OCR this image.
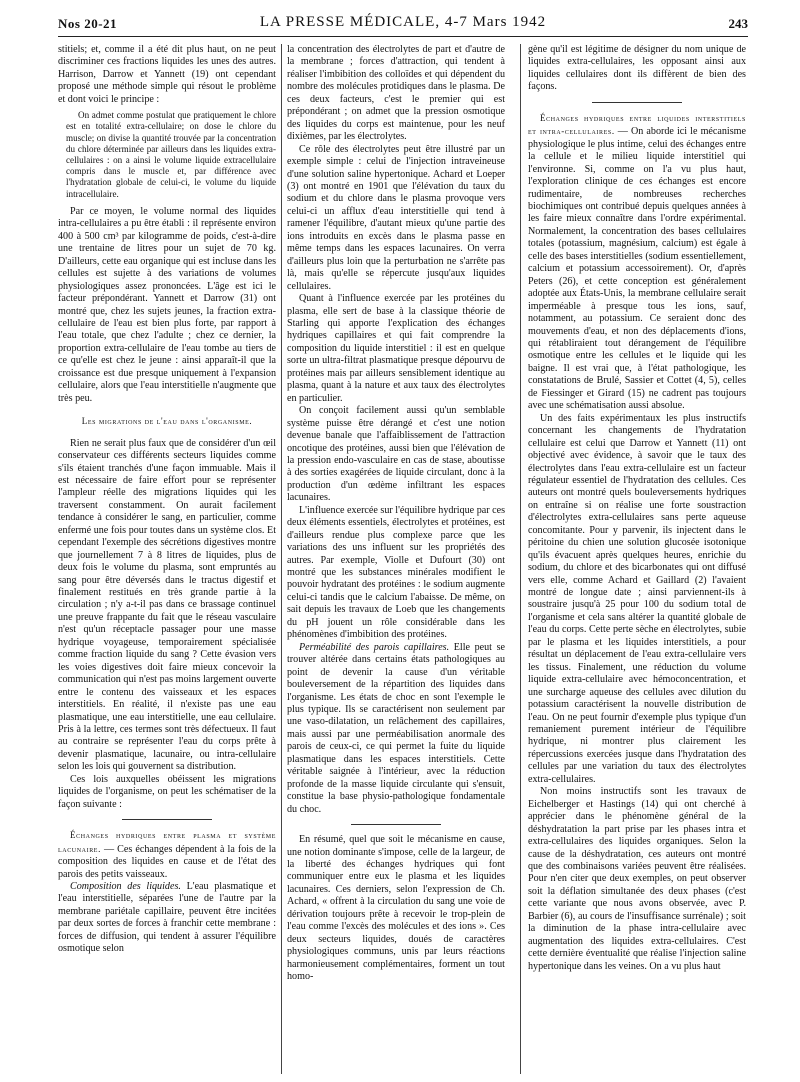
Nos 20-21	LA PRESSE MÉDICALE, 4-7 Mars 1942	243

stitiels; et, comme il a été dit plus haut, on ne peut discriminer ces fractions liquides les unes des autres. Harrison, Darrow et Yannett (19) ont cependant proposé une méthode simple qui résout le problème et dont voici le principe :

On admet comme postulat que pratiquement le chlore est en totalité extra-cellulaire; on dose le chlore du muscle; on divise la quantité trouvée par la concentration du chlore déterminée par ailleurs dans les liquides extra-cellulaires : on a ainsi le volume liquide extracellulaire compris dans le muscle et, par différence avec l'hydratation globale de celui-ci, le volume du liquide intracellulaire.

Par ce moyen, le volume normal des liquides intra-cellulaires a pu être établi : il représente environ 400 à 500 cm³ par kilogramme de poids, c'est-à-dire une trentaine de litres pour un sujet de 70 kg. D'ailleurs, cette eau organique qui est incluse dans les cellules est sujette à des variations de volumes physiologiques assez prononcées. L'âge est ici le facteur prépondérant. Yannett et Darrow (31) ont montré que, chez les sujets jeunes, la fraction extra-cellulaire de l'eau est bien plus forte, par rapport à l'eau totale, que chez l'adulte ; chez ce dernier, la proportion extra-cellulaire de l'eau tombe au tiers de ce qu'elle est chez le jeune : ainsi apparaît-il que la croissance est due presque uniquement à l'expansion cellulaire, alors que l'eau interstitielle n'augmente que très peu.

Les migrations de l'eau dans l'organisme.

Rien ne serait plus faux que de considérer d'un œil conservateur ces différents secteurs liquides comme s'ils étaient tranchés d'une façon immuable. Mais il est nécessaire de faire effort pour se représenter l'ampleur réelle des migrations liquides qui les traversent constamment. On aurait facilement tendance à considérer le sang, en particulier, comme enfermé une fois pour toutes dans un système clos. Et cependant l'exemple des sécrétions digestives montre que journellement 7 à 8 litres de liquides, plus de deux fois le volume du plasma, sont empruntés au sang pour être déversés dans le tractus digestif et finalement restitués en très grande partie à la circulation ; n'y a-t-il pas dans ce brassage continuel une preuve frappante du fait que le réseau vasculaire n'est qu'un réceptacle passager pour une masse hydrique voyageuse, temporairement spécialisée comme fraction liquide du sang ? Cette évasion vers les voies digestives doit faire mieux concevoir la communication qui n'est pas moins largement ouverte entre le contenu des vaisseaux et les espaces interstitiels. En réalité, il n'existe pas une eau plasmatique, une eau interstitielle, une eau cellulaire. Pris à la lettre, ces termes sont très défectueux. Il faut au contraire se représenter l'eau du corps prête à devenir plasmatique, lacunaire, ou intra-cellulaire selon les lois qui gouvernent sa distribution.

Ces lois auxquelles obéissent les migrations liquides de l'organisme, on peut les schématiser de la façon suivante :

Échanges hydriques entre plasma et système lacunaire. — Ces échanges dépendent à la fois de la composition des liquides en cause et de l'état des parois des petits vaisseaux.

Composition des liquides. L'eau plasmatique et l'eau interstitielle, séparées l'une de l'autre par la membrane pariétale capillaire, peuvent être incitées par deux sortes de forces à franchir cette membrane : forces de diffusion, qui tendent à assurer l'équilibre osmotique selon

la concentration des électrolytes de part et d'autre de la membrane ; forces d'attraction, qui tendent à réaliser l'imbibition des colloïdes et qui dépendent du nombre des molécules protidiques dans le plasma. De ces deux facteurs, c'est le premier qui est prépondérant ; on admet que la pression osmotique des liquides du corps est maintenue, pour les neuf dixièmes, par les électrolytes.

Ce rôle des électrolytes peut être illustré par un exemple simple : celui de l'injection intraveineuse d'une solution saline hypertonique. Achard et Loeper (3) ont montré en 1901 que l'élévation du taux du sodium et du chlore dans le plasma provoque vers celui-ci un afflux d'eau interstitielle qui tend à ramener l'équilibre, d'autant mieux qu'une partie des ions introduits en excès dans le plasma passe en même temps dans les espaces lacunaires. On verra d'ailleurs plus loin que la perturbation ne s'arrête pas là, mais qu'elle se répercute jusqu'aux liquides cellulaires.

Quant à l'influence exercée par les protéines du plasma, elle sert de base à la classique théorie de Starling qui apporte l'explication des échanges hydriques capillaires et qui fait comprendre la composition du liquide interstitiel : il est en quelque sorte un ultra-filtrat plasmatique presque dépourvu de protéines mais par ailleurs sensiblement identique au plasma, quant à la nature et aux taux des électrolytes en particulier.

On conçoit facilement aussi qu'un semblable système puisse être dérangé et c'est une notion devenue banale que l'affaiblissement de l'attraction oncotique des protéines, aussi bien que l'élévation de la pression endo-vasculaire en cas de stase, aboutisse à des sorties exagérées de liquide circulant, donc à la production d'un œdème infiltrant les espaces lacunaires.

L'influence exercée sur l'équilibre hydrique par ces deux éléments essentiels, électrolytes et protéines, est d'ailleurs rendue plus complexe parce que les variations des uns influent sur les propriétés des autres. Par exemple, Violle et Dufourt (30) ont montré que les substances minérales modifient le pouvoir hydratant des protéines : le sodium augmente celui-ci tandis que le calcium l'abaisse. De même, on sait depuis les travaux de Loeb que les changements du pH jouent un rôle considérable dans les phénomènes d'imbibition des protéines.

Perméabilité des parois capillaires. Elle peut se trouver altérée dans certains états pathologiques au point de devenir la cause d'un véritable bouleversement de la répartition des liquides dans l'organisme. Les états de choc en sont l'exemple le plus typique. Ils se caractérisent non seulement par une vaso-dilatation, un relâchement des capillaires, mais aussi par une perméabilisation anormale des parois de ceux-ci, ce qui permet la fuite du liquide plasmatique dans les espaces interstitiels. Cette véritable saignée à l'intérieur, avec la réduction profonde de la masse liquide circulante qui s'ensuit, constitue la base physio-pathologique fondamentale du choc.

En résumé, quel que soit le mécanisme en cause, une notion dominante s'impose, celle de la largeur, de la liberté des échanges hydriques qui font communiquer entre eux le plasma et les liquides lacunaires. Ces derniers, selon l'expression de Ch. Achard, « offrent à la circulation du sang une voie de dérivation toujours prête à recevoir le trop-plein de l'eau comme l'excès des molécules et des ions ». Ces deux secteurs liquides, doués de caractères physiologiques communs, unis par leurs réactions harmonieusement complémentaires, forment un tout homo-

gène qu'il est légitime de désigner du nom unique de liquides extra-cellulaires, les opposant ainsi aux liquides cellulaires dont ils diffèrent de bien des façons.

Échanges hydriques entre liquides interstitiels et intra-cellulaires. — On aborde ici le mécanisme physiologique le plus intime, celui des échanges entre la cellule et le milieu liquide interstitiel qui l'environne. Si, comme on l'a vu plus haut, l'exploration clinique de ces échanges est encore rudimentaire, de nombreuses recherches biochimiques ont contribué depuis quelques années à les faire mieux connaître dans l'ordre expérimental. Normalement, la concentration des bases cellulaires totales (potassium, magnésium, calcium) est égale à celle des bases interstitielles (sodium essentiellement, calcium et potassium accessoirement). Or, d'après Peters (26), et cette conception est généralement adoptée aux États-Unis, la membrane cellulaire serait imperméable à presque tous les ions, sauf, notamment, au potassium. Ce seraient donc des mouvements d'eau, et non des déplacements d'ions, qui rétabliraient tout dérangement de l'équilibre osmotique entre les cellules et le liquide qui les baigne. Il est vrai que, à l'état pathologique, les constatations de Brulé, Sassier et Cottet (4, 5), celles de Fiessinger et Girard (15) ne cadrent pas toujours avec une schématisation aussi absolue.

Un des faits expérimentaux les plus instructifs concernant les changements de l'hydratation cellulaire est celui que Darrow et Yannett (11) ont objectivé avec évidence, à savoir que le taux des électrolytes dans l'eau extra-cellulaire est un facteur régulateur essentiel de l'hydratation des cellules. Ces auteurs ont montré quels bouleversements hydriques on entraîne si on réalise une forte soustraction d'électrolytes extra-cellulaires sans perte aqueuse concomitante. Pour y parvenir, ils injectent dans le péritoine du chien une solution glucosée isotonique qu'ils évacuent après quelques heures, enrichie du sodium, du chlore et des bicarbonates qui ont diffusé vers elle, comme Achard et Gaillard (2) l'avaient montré de longue date ; ainsi parviennent-ils à soustraire jusqu'à 25 pour 100 du sodium total de l'organisme et cela sans altérer la quantité globale de l'eau du corps. Cette perte sèche en électrolytes, subie par le plasma et les liquides interstitiels, a pour résultat un déplacement de l'eau extra-cellulaire vers les tissus. Finalement, une réduction du volume liquide extra-cellulaire avec hémoconcentration, et une surcharge aqueuse des cellules avec dilution du potassium caractérisent la nouvelle distribution de l'eau. On ne peut fournir d'exemple plus typique d'un remaniement purement intérieur de l'équilibre hydrique, ni montrer plus clairement les répercussions exercées jusque dans l'hydratation des cellules par une variation du taux des électrolytes extra-cellulaires.

Non moins instructifs sont les travaux de Eichelberger et Hastings (14) qui ont cherché à apprécier dans le phénomène général de la déshydratation la part prise par les phases intra et extra-cellulaires des liquides organiques. Selon la cause de la déshydratation, ces auteurs ont montré que des combinaisons variées peuvent être réalisées. Pour n'en citer que deux exemples, on peut observer soit la déflation simultanée des deux phases (c'est cette variante que nous avons observée, avec P. Barbier (6), au cours de l'insuffisance surrénale) ; soit la diminution de la phase intra-cellulaire avec augmentation des liquides extra-cellulaires. C'est cette dernière éventualité que réalise l'injection saline hypertonique dans les veines. On a vu plus haut
